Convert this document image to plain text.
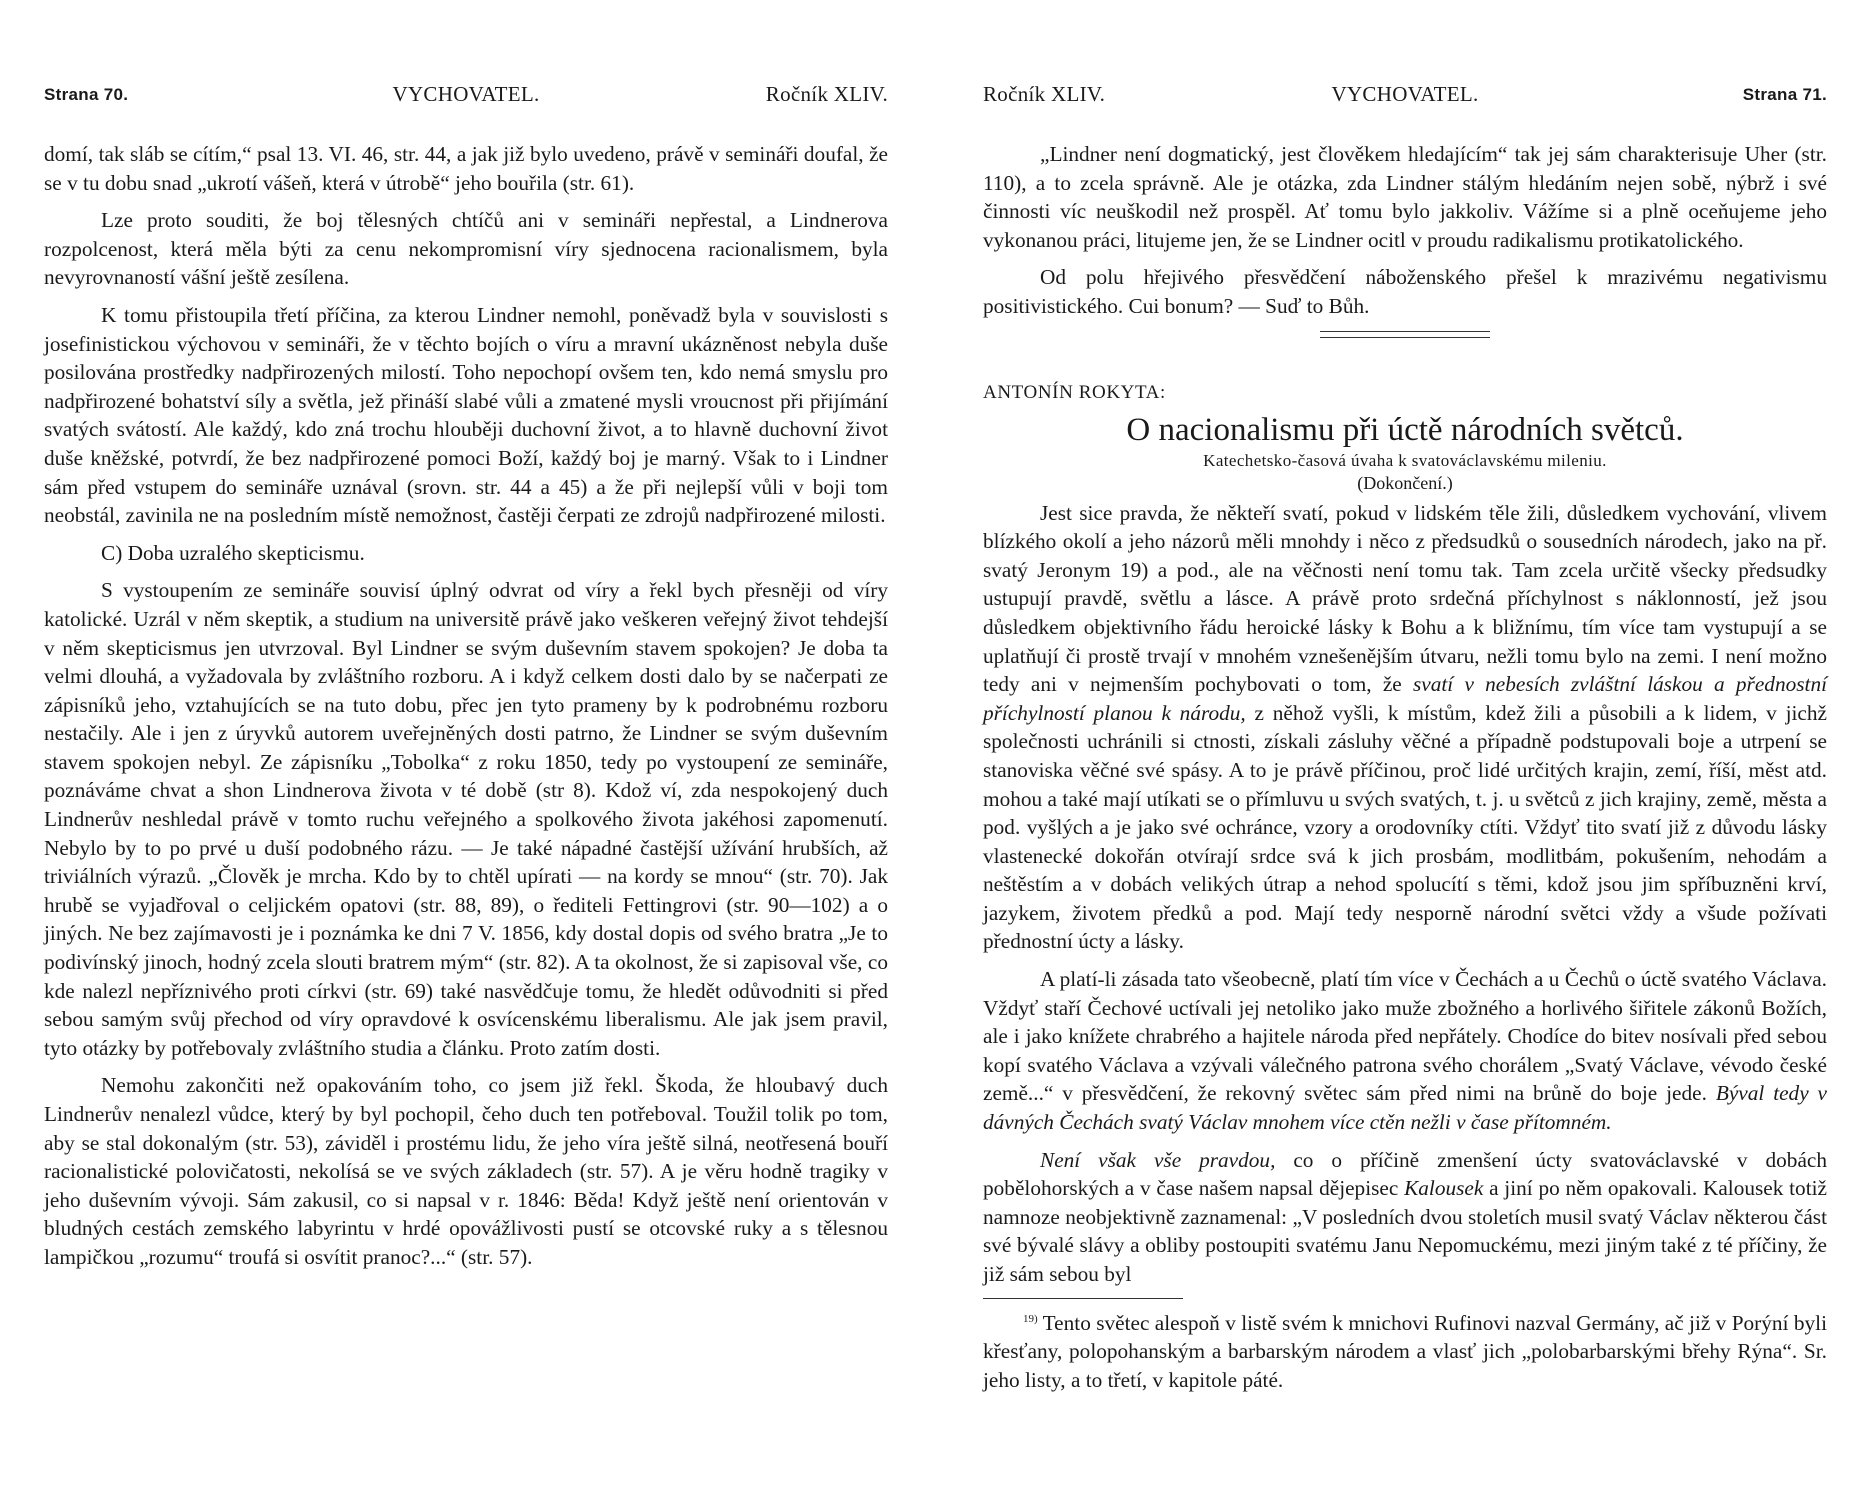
Strana 70.	VYCHOVATEL.	Ročník XLIV.

domí, tak sláb se cítím,“ psal 13. VI. 46, str. 44, a jak již bylo uvedeno, právě v semináři doufal, že se v tu dobu snad „ukrotí vášeň, která v útrobě“ jeho bouřila (str. 61).

Lze proto souditi, že boj tělesných chtíčů ani v semináři nepřestal, a Lindnerova rozpolcenost, která měla býti za cenu nekompromisní víry sjednocena racionalismem, byla nevyrovnaností vášní ještě zesílena.

K tomu přistoupila třetí příčina, za kterou Lindner nemohl, poněvadž byla v souvislosti s josefinistickou výchovou v semináři, že v těchto bojích o víru a mravní ukázněnost nebyla duše posilována prostředky nadpřirozených milostí. Toho nepochopí ovšem ten, kdo nemá smyslu pro nadpřirozené bohatství síly a světla, jež přináší slabé vůli a zmatené mysli vroucnost při přijímání svatých svátostí. Ale každý, kdo zná trochu hlouběji duchovní život, a to hlavně duchovní život duše kněžské, potvrdí, že bez nadpřirozené pomoci Boží, každý boj je marný. Však to i Lindner sám před vstupem do semináře uznával (srovn. str. 44 a 45) a že při nejlepší vůli v boji tom neobstál, zavinila ne na posledním místě nemožnost, častěji čerpati ze zdrojů nadpřirozené milosti.

C) Doba uzralého skepticismu.

S vystoupením ze semináře souvisí úplný odvrat od víry a řekl bych přesněji od víry katolické. Uzrál v něm skeptik, a studium na universitě právě jako veškeren veřejný život tehdejší v něm skepticismus jen utvrzoval. Byl Lindner se svým duševním stavem spokojen? Je doba ta velmi dlouhá, a vyžadovala by zvláštního rozboru. A i když celkem dosti dalo by se načerpati ze zápisníků jeho, vztahujících se na tuto dobu, přec jen tyto prameny by k podrobnému rozboru nestačily. Ale i jen z úryvků autorem uveřejněných dosti patrno, že Lindner se svým duševním stavem spokojen nebyl. Ze zápisníku „Tobolka“ z roku 1850, tedy po vystoupení ze semináře, poznáváme chvat a shon Lindnerova života v té době (str 8). Kdož ví, zda nespokojený duch Lindnerův neshledal právě v tomto ruchu veřejného a spolkového života jakéhosi zapomenutí. Nebylo by to po prvé u duší podobného rázu. — Je také nápadné častější užívání hrubších, až triviálních výrazů. „Člověk je mrcha. Kdo by to chtěl upírati — na kordy se mnou“ (str. 70). Jak hrubě se vyjadřoval o celjickém opatovi (str. 88, 89), o řediteli Fettingrovi (str. 90—102) a o jiných. Ne bez zajímavosti je i poznámka ke dni 7 V. 1856, kdy dostal dopis od svého bratra „Je to podivínský jinoch, hodný zcela slouti bratrem mým“ (str. 82). A ta okolnost, že si zapisoval vše, co kde nalezl nepříznivého proti církvi (str. 69) také nasvědčuje tomu, že hledět odůvodniti si před sebou samým svůj přechod od víry opravdové k osvícenskému liberalismu. Ale jak jsem pravil, tyto otázky by potřebovaly zvláštního studia a článku. Proto zatím dosti.

Nemohu zakončiti než opakováním toho, co jsem již řekl. Škoda, že hloubavý duch Lindnerův nenalezl vůdce, který by byl pochopil, čeho duch ten potřeboval. Toužil tolik po tom, aby se stal dokonalým (str. 53), záviděl i prostému lidu, že jeho víra ještě silná, neotřesená bouří racionalistické polovičatosti, nekolísá se ve svých základech (str. 57). A je věru hodně tragiky v jeho duševním vývoji. Sám zakusil, co si napsal v r. 1846: Běda! Když ještě není orientován v bludných cestách zemského labyrintu v hrdé opovážlivosti pustí se otcovské ruky a s tělesnou lampičkou „rozumu“ troufá si osvítit pranoc?...“ (str. 57).

Ročník XLIV.	VYCHOVATEL.	Strana 71.

„Lindner není dogmatický, jest člověkem hledajícím“ tak jej sám charakterisuje Uher (str. 110), a to zcela správně. Ale je otázka, zda Lindner stálým hledáním nejen sobě, nýbrž i své činnosti víc neuškodil než prospěl. Ať tomu bylo jakkoliv. Vážíme si a plně oceňujeme jeho vykonanou práci, litujeme jen, že se Lindner ocitl v proudu radikalismu protikatolického.

Od polu hřejivého přesvědčení náboženského přešel k mrazivému negativismu positivistického. Cui bonum? — Suď to Bůh.

ANTONÍN ROKYTA:
O nacionalismu při úctě národních světců.
Katechetsko-časová úvaha k svatováclavskému mileniu.
(Dokončení.)

Jest sice pravda, že někteří svatí, pokud v lidském těle žili, důsledkem vychování, vlivem blízkého okolí a jeho názorů měli mnohdy i něco z předsudků o sousedních národech, jako na př. svatý Jeronym 19) a pod., ale na věčnosti není tomu tak. Tam zcela určitě všecky předsudky ustupují pravdě, světlu a lásce. A právě proto srdečná příchylnost s náklonností, jež jsou důsledkem objektivního řádu heroické lásky k Bohu a k bližnímu, tím více tam vystupují a se uplatňují či prostě trvají v mnohém vznešenějším útvaru, nežli tomu bylo na zemi. I není možno tedy ani v nejmenším pochybovati o tom, že svatí v nebesích zvláštní láskou a přednostní příchylností planou k národu, z něhož vyšli, k místům, kdež žili a působili a k lidem, v jichž společnosti uchránili si ctnosti, získali zásluhy věčné a případně podstupovali boje a utrpení se stanoviska věčné své spásy. A to je právě příčinou, proč lidé určitých krajin, zemí, říší, měst atd. mohou a také mají utíkati se o přímluvu u svých svatých, t. j. u světců z jich krajiny, země, města a pod. vyšlých a je jako své ochránce, vzory a orodovníky ctíti. Vždyť tito svatí již z důvodu lásky vlastenecké dokořán otvírají srdce svá k jich prosbám, modlitbám, pokušením, nehodám a neštěstím a v dobách velikých útrap a nehod spolucítí s těmi, kdož jsou jim spříbuzněni krví, jazykem, životem předků a pod. Mají tedy nesporně národní světci vždy a všude požívati přednostní úcty a lásky.

A platí-li zásada tato všeobecně, platí tím více v Čechách a u Čechů o úctě svatého Václava. Vždyť staří Čechové uctívali jej netoliko jako muže zbožného a horlivého šiřitele zákonů Božích, ale i jako knížete chrabrého a hajitele národa před nepřátely. Chodíce do bitev nosívali před sebou kopí svatého Václava a vzývali válečného patrona svého chorálem „Svatý Václave, vévodo české země...“ v přesvědčení, že rekovný světec sám před nimi na brůně do boje jede. Býval tedy v dávných Čechách svatý Václav mnohem více ctěn nežli v čase přítomném.

Není však vše pravdou, co o příčině zmenšení úcty svatováclavské v dobách pobělohorských a v čase našem napsal dějepisec Kalousek a jiní po něm opakovali. Kalousek totiž namnoze neobjektivně zaznamenal: „V posledních dvou stoletích musil svatý Václav některou část své bývalé slávy a obliby postoupiti svatému Janu Nepomuckému, mezi jiným také z té příčiny, že již sám sebou byl

$^{19)}$ Tento světec alespoň v listě svém k mnichovi Rufinovi nazval Germány, ač již v Porýní byli křesťany, polopohanským a barbarským národem a vlasť jich „polobarbarskými břehy Rýna“. Sr. jeho listy, a to třetí, v kapitole páté.
